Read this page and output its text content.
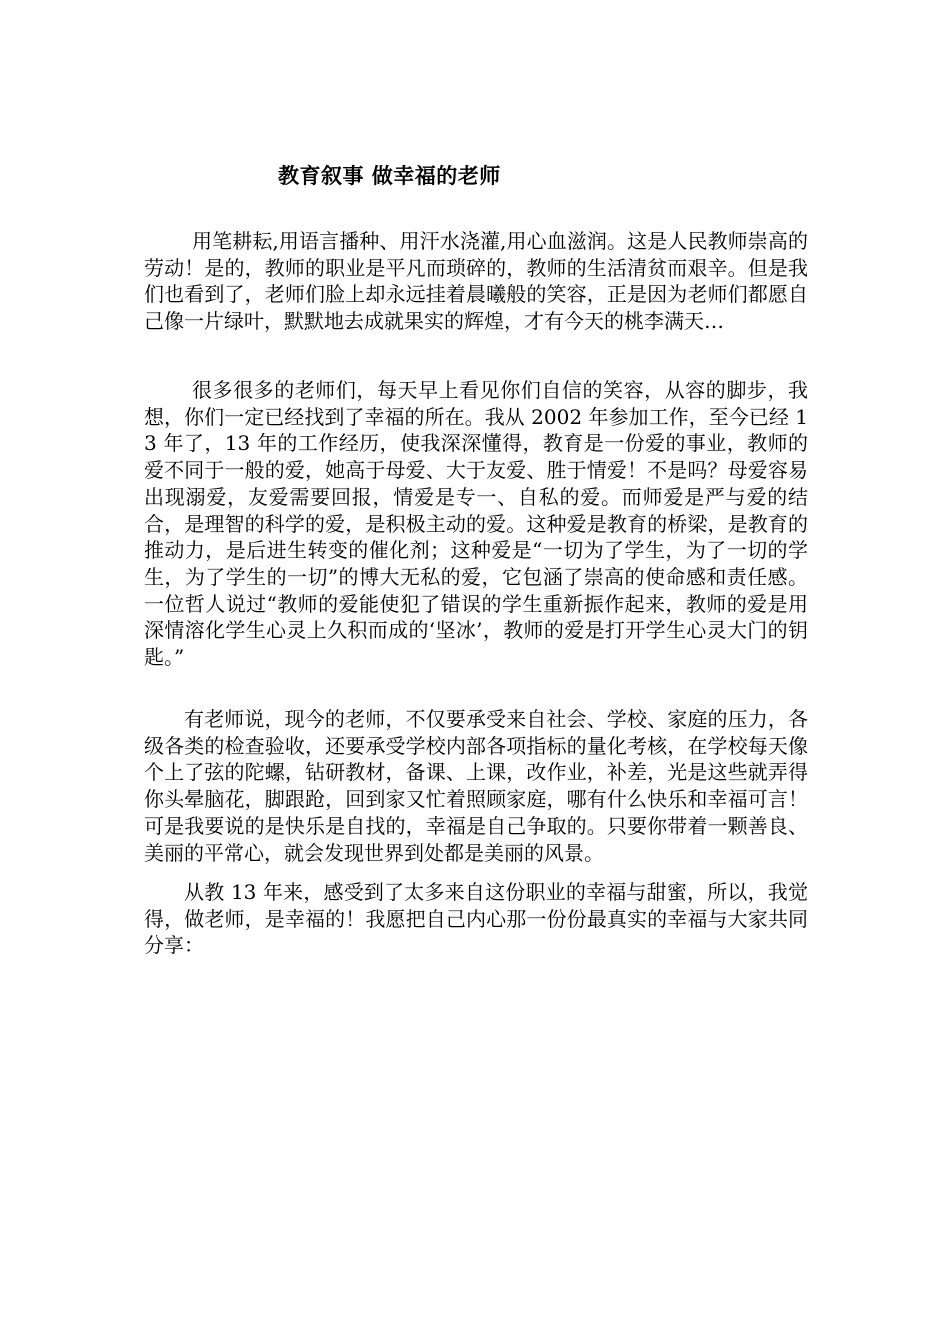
教育叙事 做幸福的老师

用笔耕耘,用语言播种、用汗水浇灌,用心血滋润。这是人民教师崇高的劳动！是的，教师的职业是平凡而琐碎的，教师的生活清贫而艰辛。但是我们也看到了，老师们脸上却永远挂着晨曦般的笑容，正是因为老师们都愿自己像一片绿叶，默默地去成就果实的辉煌，才有今天的桃李满天…

很多很多的老师们，每天早上看见你们自信的笑容，从容的脚步，我想，你们一定已经找到了幸福的所在。我从 2002 年参加工作，至今已经 13 年了，13 年的工作经历，使我深深懂得，教育是一份爱的事业，教师的爱不同于一般的爱，她高于母爱、大于友爱、胜于情爱！不是吗？母爱容易出现溺爱，友爱需要回报，情爱是专一、自私的爱。而师爱是严与爱的结合，是理智的科学的爱，是积极主动的爱。这种爱是教育的桥梁，是教育的推动力，是后进生转变的催化剂；这种爱是“一切为了学生，为了一切的学生，为了学生的一切”的博大无私的爱，它包涵了崇高的使命感和责任感。一位哲人说过“教师的爱能使犯了错误的学生重新振作起来，教师的爱是用深情溶化学生心灵上久积而成的‘坚冰’，教师的爱是打开学生心灵大门的钥匙。”

有老师说，现今的老师，不仅要承受来自社会、学校、家庭的压力，各级各类的检查验收，还要承受学校内部各项指标的量化考核，在学校每天像个上了弦的陀螺，钻研教材，备课、上课，改作业，补差，光是这些就弄得你头晕脑花，脚跟跄，回到家又忙着照顾家庭，哪有什么快乐和幸福可言！可是我要说的是快乐是自找的，幸福是自己争取的。只要你带着一颗善良、美丽的平常心，就会发现世界到处都是美丽的风景。

从教 13 年来，感受到了太多来自这份职业的幸福与甜蜜，所以，我觉得，做老师，是幸福的！我愿把自己内心那一份份最真实的幸福与大家共同分享：
